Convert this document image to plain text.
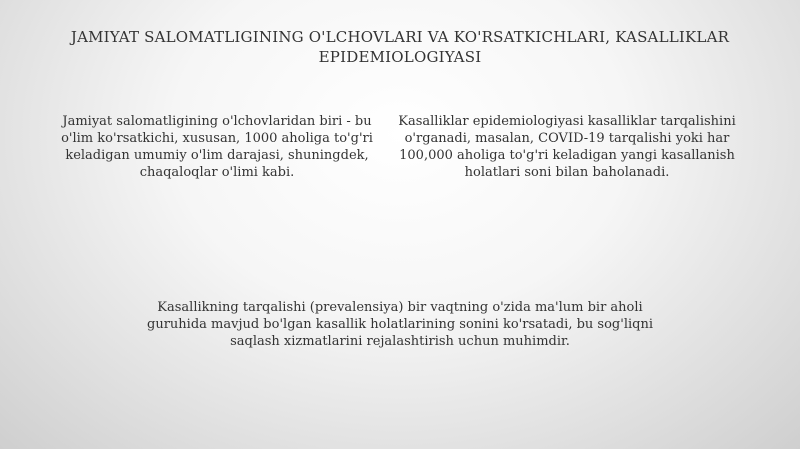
JAMIYAT SALOMATLIGINING O'LCHOVLARI VA KO'RSATKICHLARI, KASALLIKLAR EPIDEMIOLOGIYASI
Jamiyat salomatligining o'lchovlaridan biri - bu o'lim ko'rsatkichi, xususan, 1000 aholiga to'g'ri keladigan umumiy o'lim darajasi, shuningdek, chaqaloqlar o'limi kabi.
Kasalliklar epidemiologiyasi kasalliklar tarqalishini o'rganadi, masalan, COVID-19 tarqalishi yoki har 100,000 aholiga to'g'ri keladigan yangi kasallanish holatlari soni bilan baholanadi.
Kasallikning tarqalishi (prevalensiya) bir vaqtning o'zida ma'lum bir aholi guruhida mavjud bo'lgan kasallik holatlarining sonini ko'rsatadi, bu sog'liqni saqlash xizmatlarini rejalashtirish uchun muhimdir.
